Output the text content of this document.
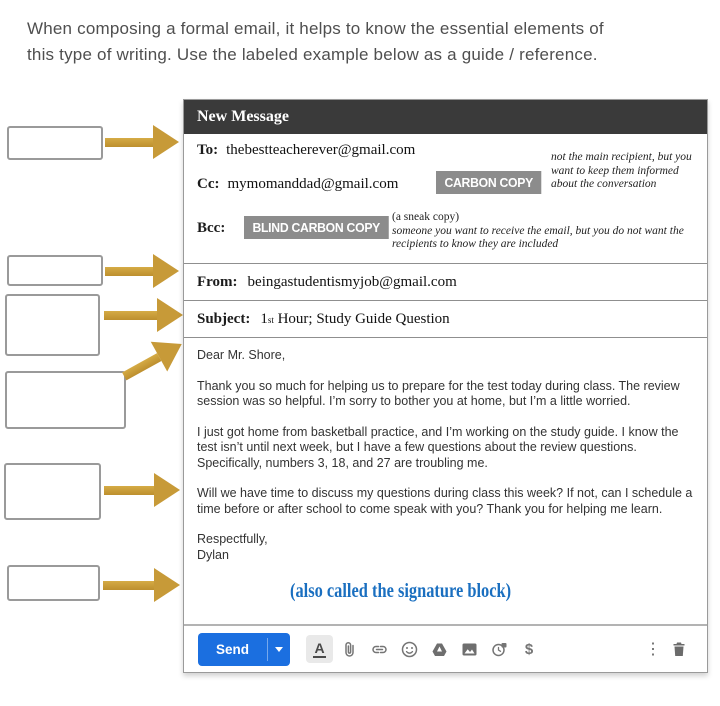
When composing a formal email, it helps to know the essential elements of
this type of writing. Use the labeled example below as a guide / reference.
New Message
To: thebestteacherever@gmail.com
Cc: mymomanddad@gmail.com	CARBON COPY
not the main recipient, but you want to keep them informed about the conversation
Bcc:	BLIND CARBON COPY
(a sneak copy)
someone you want to receive the email, but you do not want the recipients to know they are included
From: beingastudentismyjob@gmail.com
Subject: 1st Hour; Study Guide Question

Dear Mr. Shore,

Thank you so much for helping us to prepare for the test today during class. The review session was so helpful. I’m sorry to bother you at home, but I’m a little worried.

I just got home from basketball practice, and I’m working on the study guide. I know the test isn’t until next week, but I have a few questions about the review questions. Specifically, numbers 3, 18, and 27 are troubling me.

Will we have time to discuss my questions during class this week? If not, can I schedule a time before or after school to come speak with you? Thank you for helping me learn.

Respectfully,

Dylan

(also called the signature block)
Send	A	$	⋮
